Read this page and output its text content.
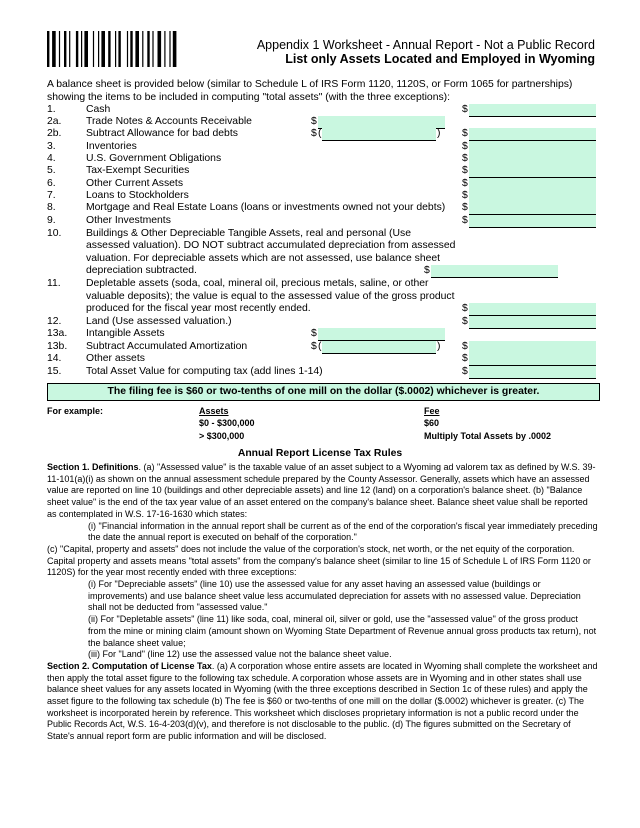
Appendix 1 Worksheet - Annual Report - Not a Public Record
List only Assets Located and Employed in Wyoming
A balance sheet is provided below (similar to Schedule L of IRS Form 1120, 1120S, or Form 1065 for partnerships) showing the items to be included in computing "total assets" (with the three exceptions):
1.	Cash	$
2a. Trade Notes & Accounts Receivable	$
2b. Subtract Allowance for bad debts	$ (	) $
3.	Inventories	$
4.	U.S. Government Obligations	$
5.	Tax-Exempt Securities	$
6.	Other Current Assets	$
7.	Loans to Stockholders	$
8.	Mortgage and Real Estate Loans (loans or investments owned not your debts) $
9.	Other Investments	$
10. Buildings & Other Depreciable Tangible Assets, real and personal (Use
assessed valuation). DO NOT subtract accumulated depreciation from assessed
valuation. For depreciable assets which are not assessed, use balance sheet
depreciation subtracted.	$
11. Depletable assets (soda, coal, mineral oil, precious metals, saline, or other
valuable deposits); the value is equal to the assessed value of the gross product
produced for the fiscal year most recently ended.	$
12. Land (Use assessed valuation.)	$
13a. Intangible Assets	$
13b. Subtract Accumulated Amortization	$ (	) $
14. Other assets	$
15. Total Asset Value for computing tax (add lines 1-14)	$
The filing fee is $60 or two-tenths of one mill on the dollar ($.0002) whichever is greater.
For example:	Assets	Fee
$0 - $300,000	$60
> $300,000	Multiply Total Assets by .0002
Annual Report License Tax Rules

Section 1. Definitions. (a) "Assessed value" is the taxable value of an asset subject to a Wyoming ad valorem tax as defined by W.S. 39-11-101(a)(i) as shown on the annual assessment schedule prepared by the County Assessor. Generally, assets which have an assessed value are reported on line 10 (buildings and other depreciable assets) and line 12 (land) on a corporation's balance sheet. (b) "Balance sheet value" is the end of the tax year value of an asset entered on the company's balance sheet. Balance sheet value shall be reported as contemplated in W.S. 17-16-1630 which states:

(i) "Financial information in the annual report shall be current as of the end of the corporation's fiscal year immediately preceding the date the annual report is executed on behalf of the corporation."

(c) "Capital, property and assets" does not include the value of the corporation's stock, net worth, or the net equity of the corporation. Capital property and assets means "total assets" from the company's balance sheet (similar to line 15 of Schedule L of IRS Form 1120 or 1120S) for the year most recently ended with three exceptions:

(i) For "Depreciable assets" (line 10) use the assessed value for any asset having an assessed value (buildings or improvements) and use balance sheet value less accumulated depreciation for assets with no assessed value. Depreciation shall not be deducted from "assessed value."

(ii) For "Depletable assets" (line 11) like soda, coal, mineral oil, silver or gold, use the "assessed value" of the gross product from the mine or mining claim (amount shown on Wyoming State Department of Revenue annual gross products tax return), not the balance sheet value;

(iii) For "Land" (line 12) use the assessed value not the balance sheet value.

Section 2. Computation of License Tax. (a) A corporation whose entire assets are located in Wyoming shall complete the worksheet and then apply the total asset figure to the following tax schedule. A corporation whose assets are in Wyoming and in other states shall use balance sheet values for any assets located in Wyoming (with the three exceptions described in Section 1c of these rules) and apply the asset figure to the following tax schedule (b) The fee is $60 or two-tenths of one mill on the dollar ($.0002) whichever is greater. (c) The worksheet is incorporated herein by reference. This worksheet which discloses proprietary information is not a public record under the Public Records Act, W.S. 16-4-203(d)(v), and therefore is not disclosable to the public. (d) The figures submitted on the Secretary of State's annual report form are public information and will be disclosed.
